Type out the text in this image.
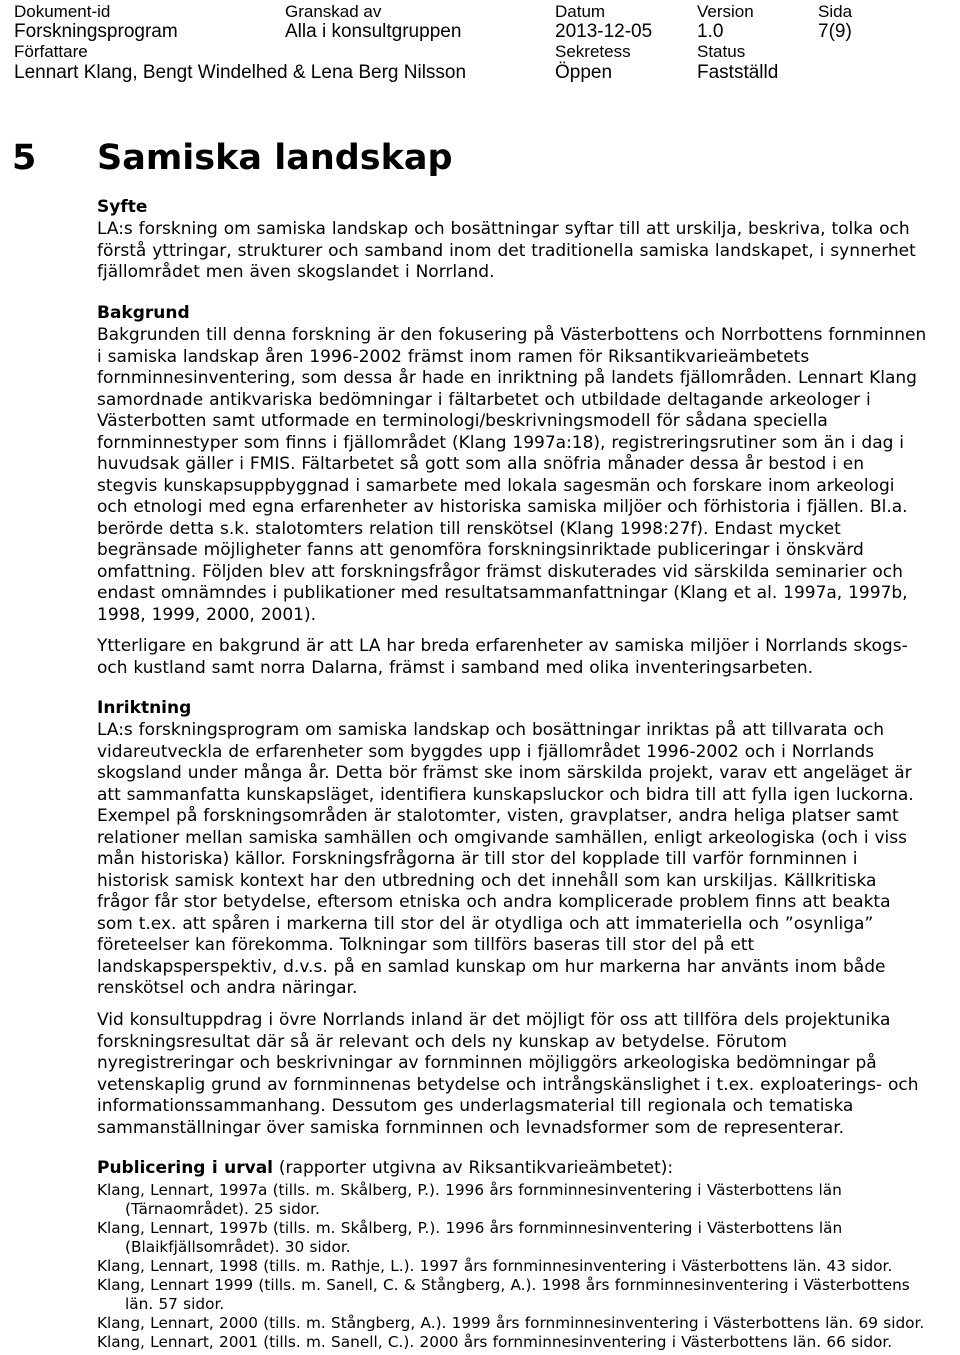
Dokument-id
Forskningsprogram
Granskad av
Alla i konsultgruppen
Datum
2013-12-05
Version
1.0
Sida
7(9)
Författare
Lennart Klang, Bengt Windelhed & Lena Berg Nilsson
Sekretess
Öppen
Status
Fastställd
5 Samiska landskap
Syfte
LA:s forskning om samiska landskap och bosättningar syftar till att urskilja, beskriva, tolka och
förstå yttringar, strukturer och samband inom det traditionella samiska landskapet, i synnerhet
fjällområdet men även skogslandet i Norrland.
Bakgrund
Bakgrunden till denna forskning är den fokusering på Västerbottens och Norrbottens fornminnen
i samiska landskap åren 1996-2002 främst inom ramen för Riksantikvarieämbetets
fornminnesinventering, som dessa år hade en inriktning på landets fjällområden. Lennart Klang
samordnade antikvariska bedömningar i fältarbetet och utbildade deltagande arkeologer i
Västerbotten samt utformade en terminologi/beskrivningsmodell för sådana speciella
fornminnestyper som finns i fjällområdet (Klang 1997a:18), registreringsrutiner som än i dag i
huvudsak gäller i FMIS. Fältarbetet så gott som alla snöfria månader dessa år bestod i en
stegvis kunskapsuppbyggnad i samarbete med lokala sagesmän och forskare inom arkeologi
och etnologi med egna erfarenheter av historiska samiska miljöer och förhistoria i fjällen. Bl.a.
berörde detta s.k. stalotomters relation till renskötsel (Klang 1998:27f). Endast mycket
begränsade möjligheter fanns att genomföra forskningsinriktade publiceringar i önskvärd
omfattning. Följden blev att forskningsfrågor främst diskuterades vid särskilda seminarier och
endast omnämndes i publikationer med resultatsammanfattningar (Klang et al. 1997a, 1997b,
1998, 1999, 2000, 2001).
Ytterligare en bakgrund är att LA har breda erfarenheter av samiska miljöer i Norrlands skogs-
och kustland samt norra Dalarna, främst i samband med olika inventeringsarbeten.
Inriktning
LA:s forskningsprogram om samiska landskap och bosättningar inriktas på att tillvarata och
vidareutveckla de erfarenheter som byggdes upp i fjällområdet 1996-2002 och i Norrlands
skogsland under många år. Detta bör främst ske inom särskilda projekt, varav ett angeläget är
att sammanfatta kunskapsläget, identifiera kunskapsluckor och bidra till att fylla igen luckorna.
Exempel på forskningsområden är stalotomter, visten, gravplatser, andra heliga platser samt
relationer mellan samiska samhällen och omgivande samhällen, enligt arkeologiska (och i viss
mån historiska) källor. Forskningsfrågorna är till stor del kopplade till varför fornminnen i
historisk samisk kontext har den utbredning och det innehåll som kan urskiljas. Källkritiska
frågor får stor betydelse, eftersom etniska och andra komplicerade problem finns att beakta
som t.ex. att spåren i markerna till stor del är otydliga och att immateriella och ”osynliga”
företeelser kan förekomma. Tolkningar som tillförs baseras till stor del på ett
landskapsperspektiv, d.v.s. på en samlad kunskap om hur markerna har använts inom både
renskötsel och andra näringar.
Vid konsultuppdrag i övre Norrlands inland är det möjligt för oss att tillföra dels projektunika
forskningsresultat där så är relevant och dels ny kunskap av betydelse. Förutom
nyregistreringar och beskrivningar av fornminnen möjliggörs arkeologiska bedömningar på
vetenskaplig grund av fornminnenas betydelse och intrångskänslighet i t.ex. exploaterings- och
informationssammanhang. Dessutom ges underlagsmaterial till regionala och tematiska
sammanställningar över samiska fornminnen och levnadsformer som de representerar.
Publicering i urval (rapporter utgivna av Riksantikvarieämbetet):
Klang, Lennart, 1997a (tills. m. Skålberg, P.). 1996 års fornminnesinventering i Västerbottens län
(Tärnaområdet). 25 sidor.
Klang, Lennart, 1997b (tills. m. Skålberg, P.). 1996 års fornminnesinventering i Västerbottens län
(Blaikfjällsområdet). 30 sidor.
Klang, Lennart, 1998 (tills. m. Rathje, L.). 1997 års fornminnesinventering i Västerbottens län. 43 sidor.
Klang, Lennart 1999 (tills. m. Sanell, C. & Stångberg, A.). 1998 års fornminnesinventering i Västerbottens
län. 57 sidor.
Klang, Lennart, 2000 (tills. m. Stångberg, A.). 1999 års fornminnesinventering i Västerbottens län. 69 sidor.
Klang, Lennart, 2001 (tills. m. Sanell, C.). 2000 års fornminnesinventering i Västerbottens län. 66 sidor.
